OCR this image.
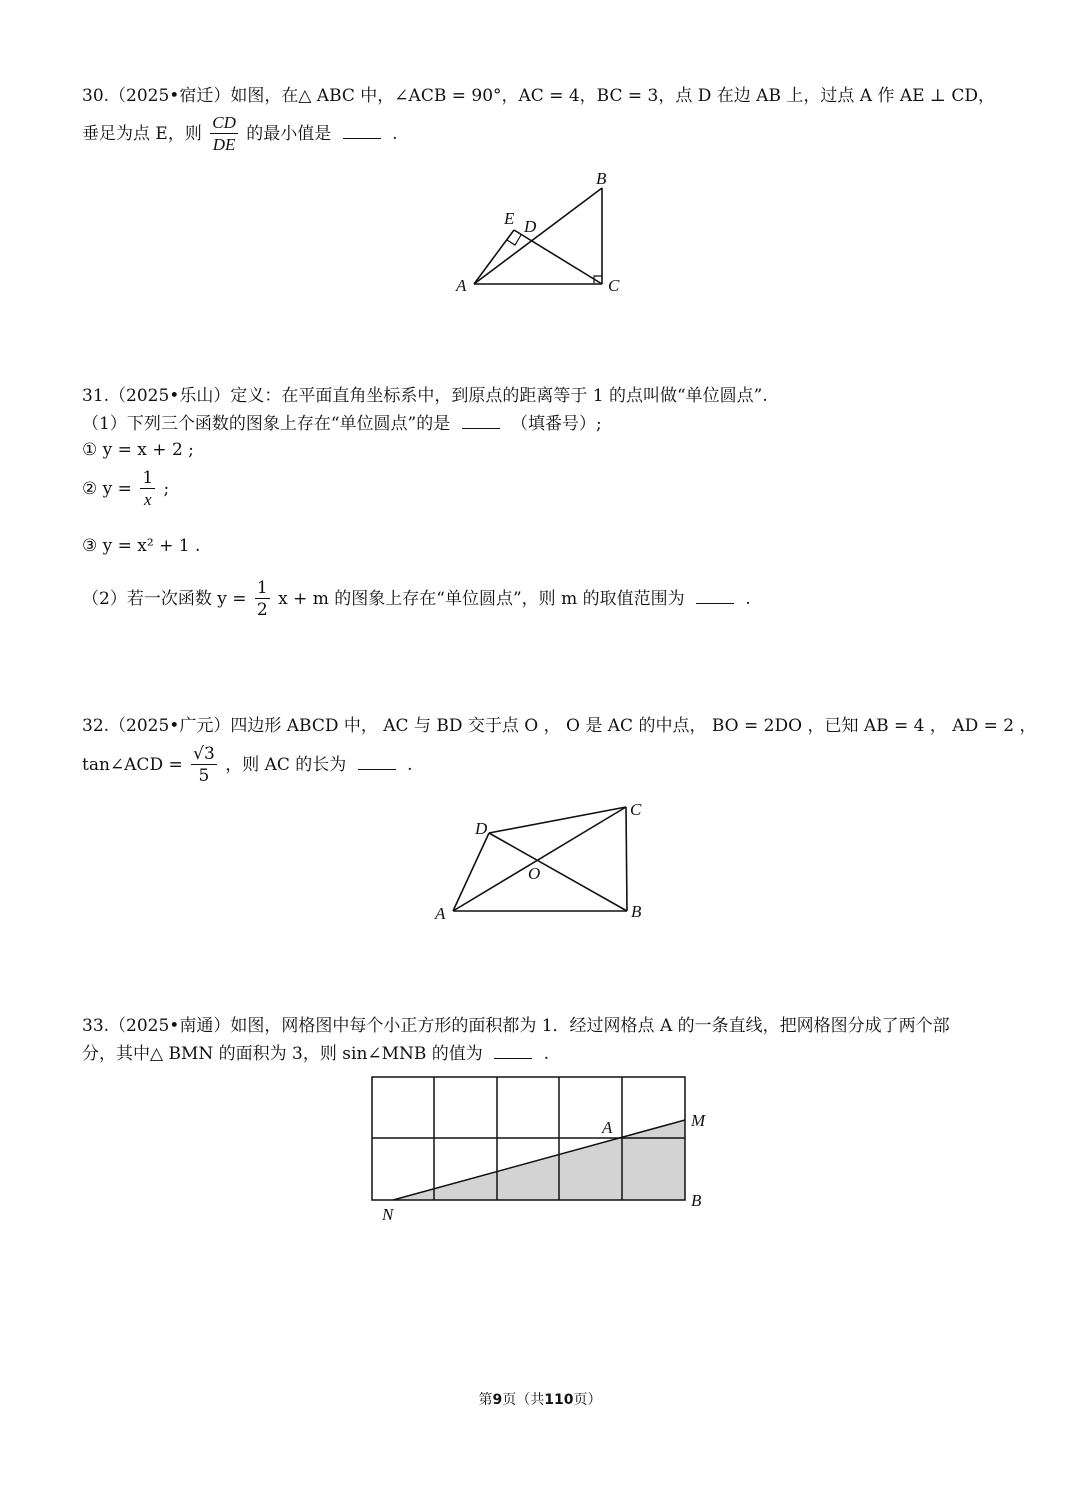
30.（2025•宿迁）如图，在△ ABC 中，∠ACB = 90°，AC = 4，BC = 3，点 D 在边 AB 上，过点 A 作 AE ⊥ CD，
垂足为点 E，则 $\frac{CD}{DE}$ 的最小值是	.
A
B
C
D
E
31.（2025•乐山）定义：在平面直角坐标系中，到原点的距离等于 1 的点叫做“单位圆点”.
（1）下列三个函数的图象上存在“单位圆点”的是	（填番号）;
① y = x + 2 ;
② $y = \frac{1}{x}$ ;
③ y = x² + 1 .
（2）若一次函数 $y = \frac{1}{2}$ x + m 的图象上存在“单位圆点”，则 m 的取值范围为	.
32.（2025•广元）四边形 ABCD 中， AC 与 BD 交于点 O ， O 是 AC 的中点， BO = 2DO ，已知 AB = 4 ， AD = 2 ，
tan∠ACD = $\frac{√3}{5}$ ，则 AC 的长为	.
A	B
C
D
O
33.（2025•南通）如图，网格图中每个小正方形的面积都为 1．经过网格点 A 的一条直线，把网格图分成了两个部
分，其中△ BMN 的面积为 3，则 sin∠MNB 的值为	.
A	M
B
N
第9页（共110页）
